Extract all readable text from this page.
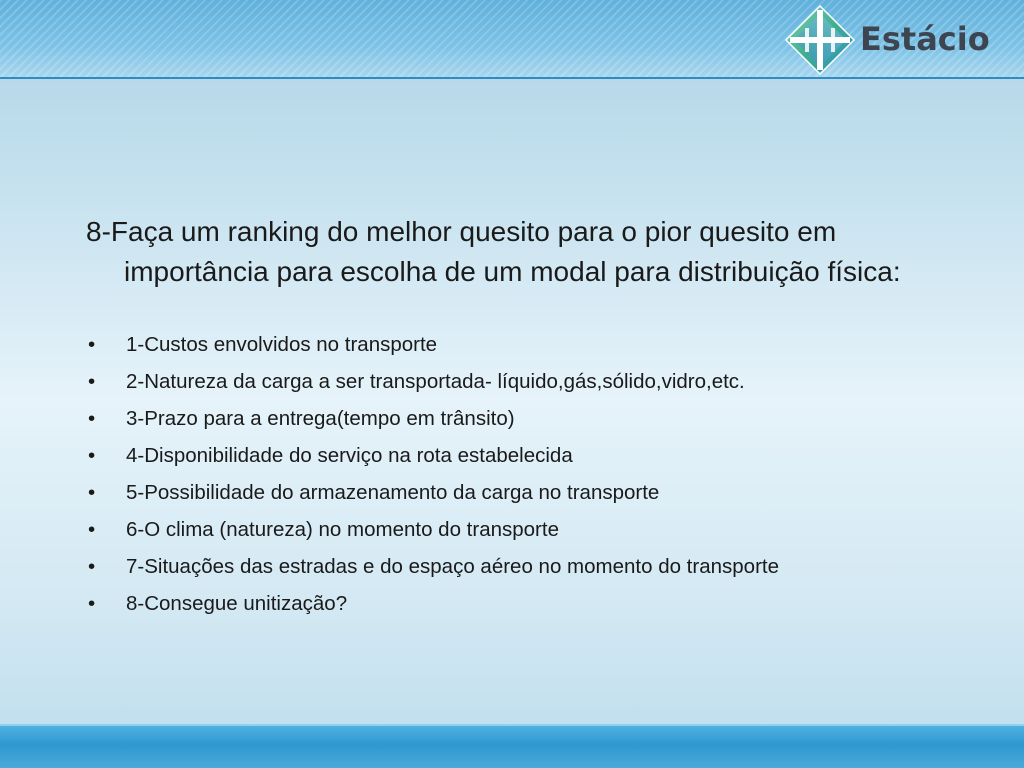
Estácio

8-Faça um ranking do melhor quesito para o pior quesito em importância para escolha de um modal para distribuição física:

• 1-Custos envolvidos no transporte
• 2-Natureza da carga a ser transportada- líquido,gás,sólido,vidro,etc.
• 3-Prazo para a entrega(tempo em trânsito)
• 4-Disponibilidade do serviço na rota estabelecida
• 5-Possibilidade do armazenamento da carga no transporte
• 6-O clima (natureza) no momento do transporte
• 7-Situações das estradas e do espaço aéreo no momento do transporte
• 8-Consegue unitização?
